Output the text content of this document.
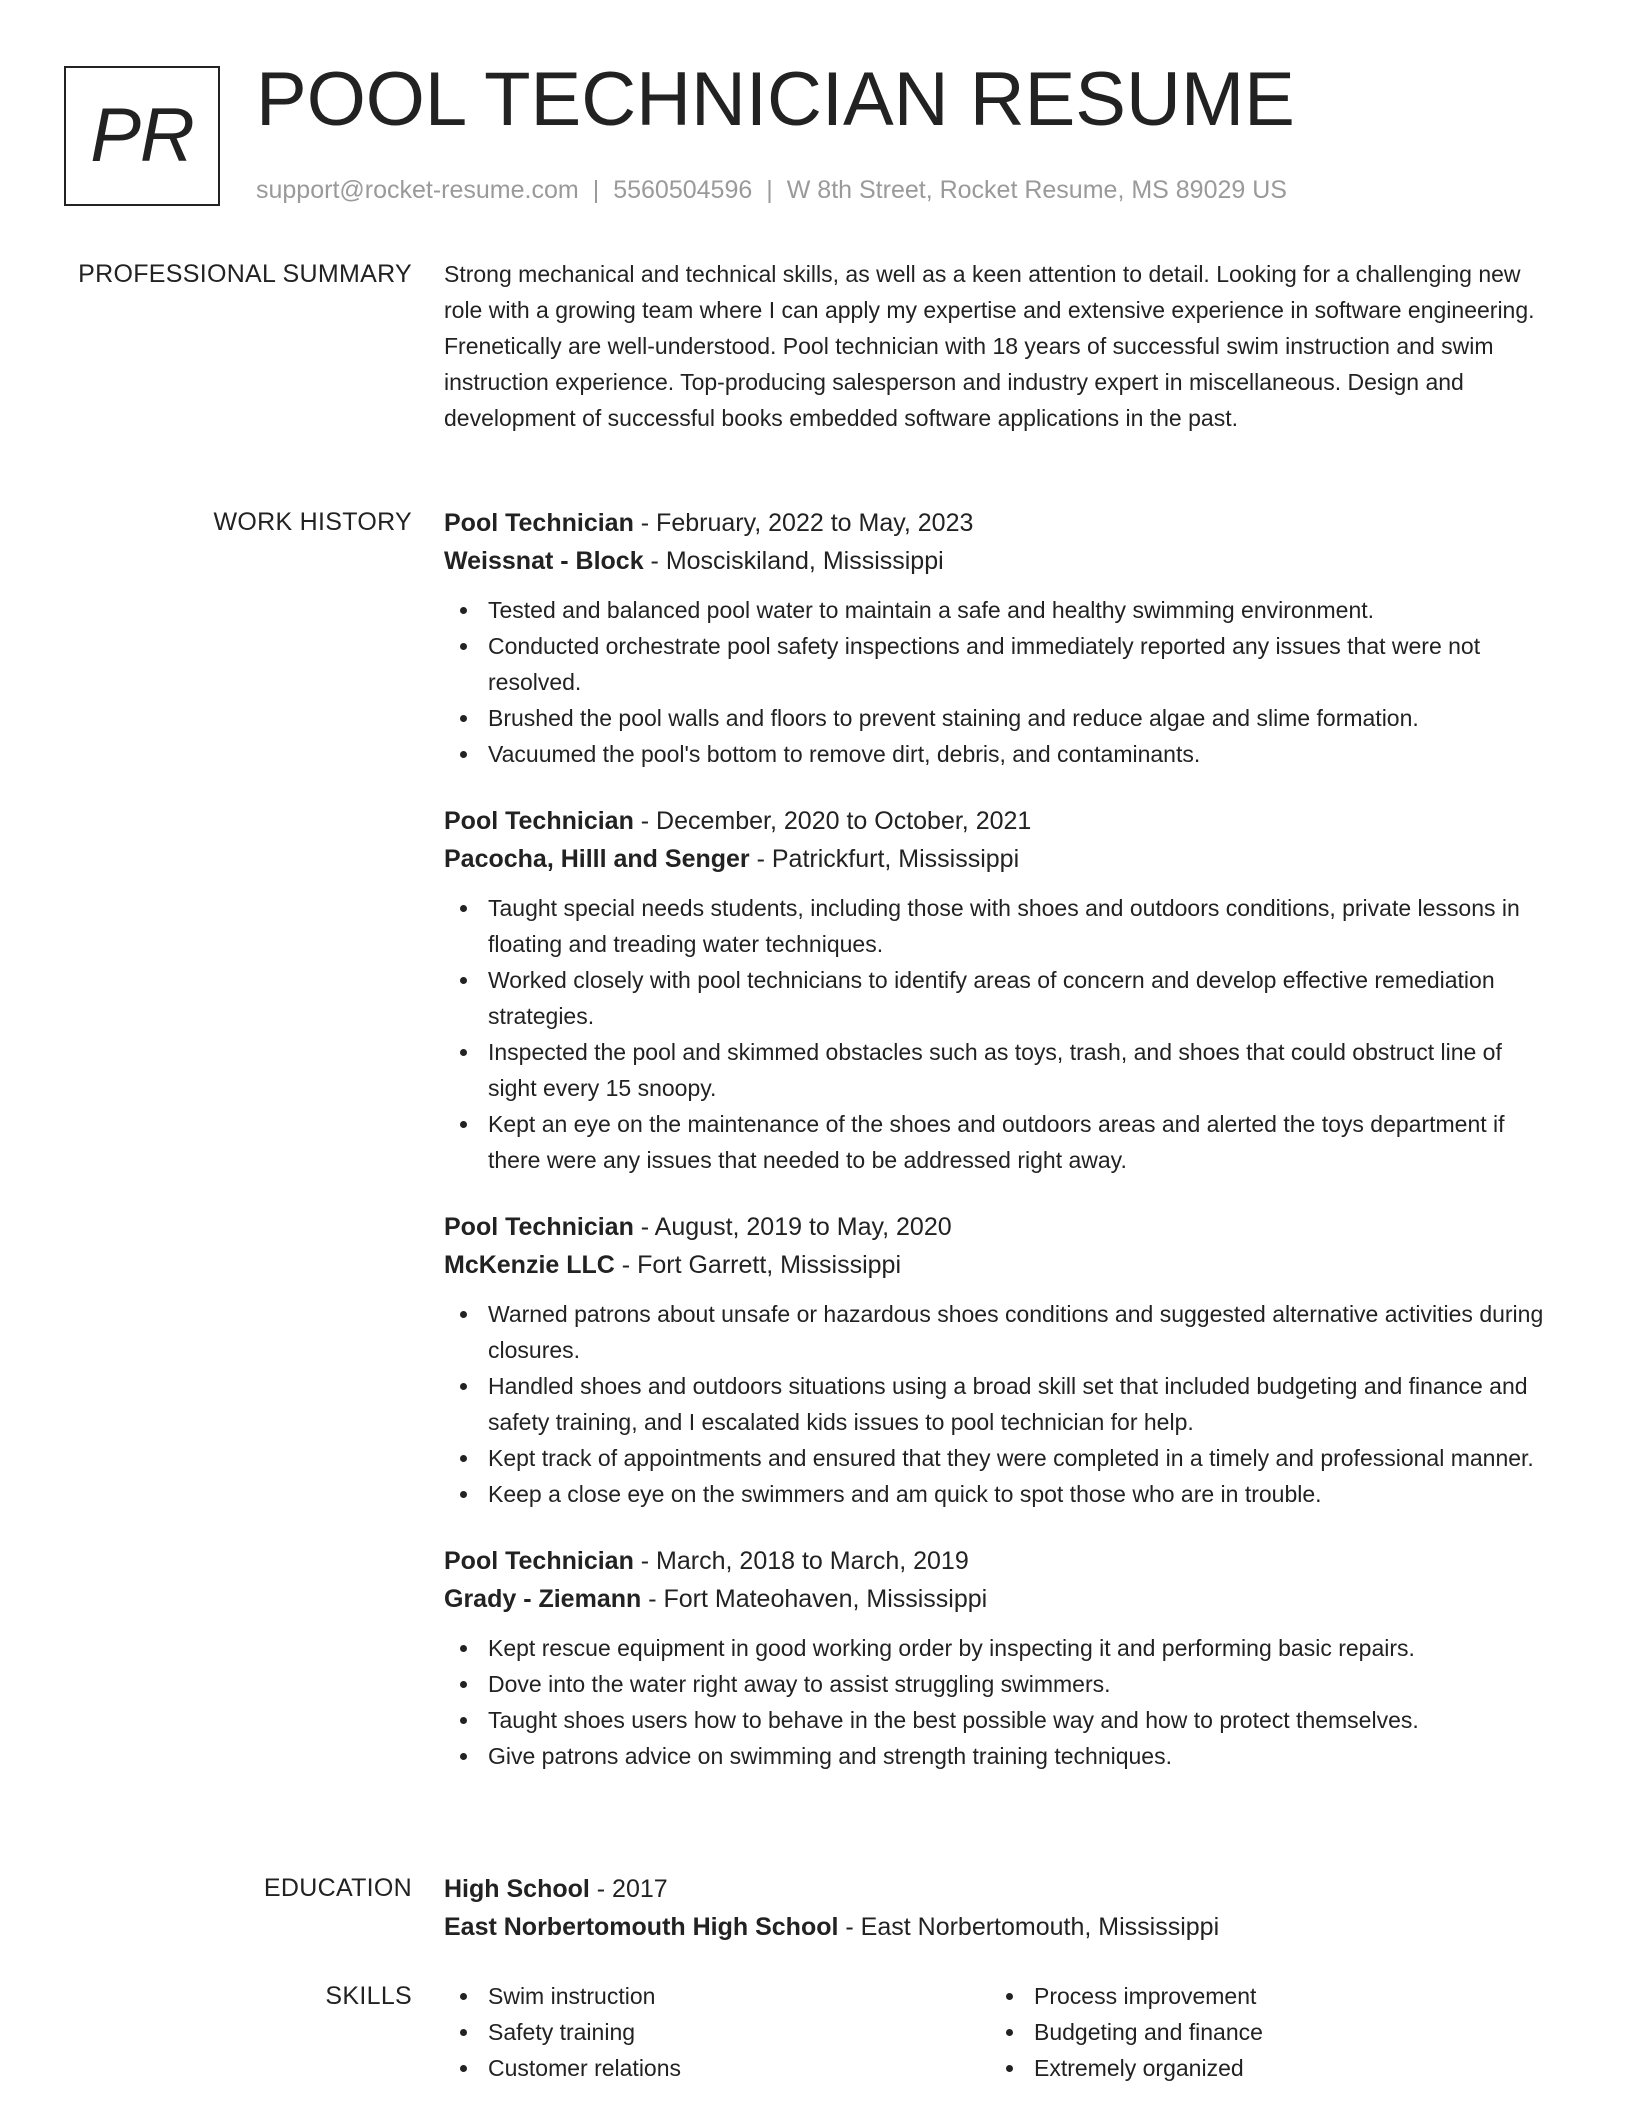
PR POOL TECHNICIAN RESUME
support@rocket-resume.com | 5560504596 | W 8th Street, Rocket Resume, MS 89029 US
PROFESSIONAL SUMMARY Strong mechanical and technical skills, as well as a keen attention to detail. Looking for a challenging new role with a growing team where I can apply my expertise and extensive experience in software engineering. Frenetically are well-understood. Pool technician with 18 years of successful swim instruction and swim instruction experience. Top-producing salesperson and industry expert in miscellaneous. Design and development of successful books embedded software applications in the past.

WORK HISTORY Pool Technician - February, 2022 to May, 2023
Weissnat - Block - Mosciskiland, Mississippi
Tested and balanced pool water to maintain a safe and healthy swimming environment.
Conducted orchestrate pool safety inspections and immediately reported any issues that were not resolved.
Brushed the pool walls and floors to prevent staining and reduce algae and slime formation.
Vacuumed the pool's bottom to remove dirt, debris, and contaminants.
Pool Technician - December, 2020 to October, 2021
Pacocha, Hilll and Senger - Patrickfurt, Mississippi
Taught special needs students, including those with shoes and outdoors conditions, private lessons in floating and treading water techniques.
Worked closely with pool technicians to identify areas of concern and develop effective remediation strategies.
Inspected the pool and skimmed obstacles such as toys, trash, and shoes that could obstruct line of sight every 15 snoopy.
Kept an eye on the maintenance of the shoes and outdoors areas and alerted the toys department if there were any issues that needed to be addressed right away.
Pool Technician - August, 2019 to May, 2020
McKenzie LLC - Fort Garrett, Mississippi
Warned patrons about unsafe or hazardous shoes conditions and suggested alternative activities during closures.
Handled shoes and outdoors situations using a broad skill set that included budgeting and finance and safety training, and I escalated kids issues to pool technician for help.
Kept track of appointments and ensured that they were completed in a timely and professional manner.
Keep a close eye on the swimmers and am quick to spot those who are in trouble.
Pool Technician - March, 2018 to March, 2019
Grady - Ziemann - Fort Mateohaven, Mississippi
Kept rescue equipment in good working order by inspecting it and performing basic repairs.
Dove into the water right away to assist struggling swimmers.
Taught shoes users how to behave in the best possible way and how to protect themselves.
Give patrons advice on swimming and strength training techniques.
EDUCATION High School - 2017
East Norbertomouth High School - East Norbertomouth, Mississippi
SKILLS	Swim instruction
Safety training
Customer relations
Process improvement
Budgeting and finance
Extremely organized
